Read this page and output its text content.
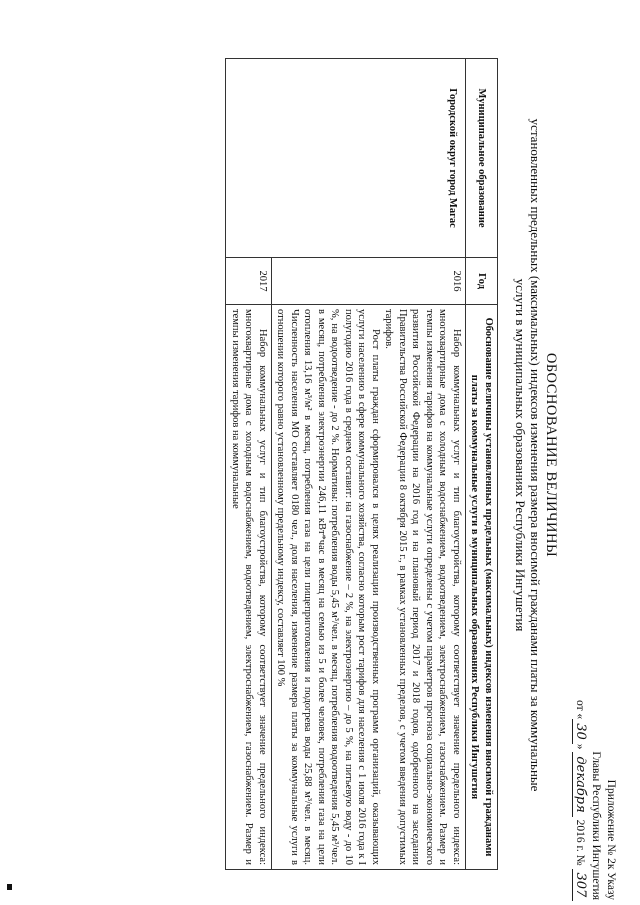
Приложение № 2к Указу
Главы Республики Ингушетия
от «30» декабря 2016 г. № 307
ОБОСНОВАНИЕ ВЕЛИЧИНЫ
установленных предельных (максимальных) индексов изменения размера вносимой гражданами платы за коммунальные
услуги в муниципальных образованиях Республики Ингушетия
Муниципальное образование	Год	Обоснование величины установленных предельных (максимальных) индексов изменения вносимой гражданами платы за коммунальные услуги в муниципальных образованиях Республики Ингушетия
Городской округ город Магас	2016	Набор коммунальных услуг и тип благоустройства, которому соответствует значение предельного индекса: многоквартирные дома с холодным водоснабжением, водоотведением, электроснабжением, газоснабжением. Размер и темпы изменения тарифов на коммунальные услуги определены с учетом параметров прогноза социально-экономического развития Российской Федерации на 2016 год и на плановый период 2017 и 2018 годов, одобренного на заседании Правительства Российской Федерации 8 октября 2015 г., в рамках установленных пределов, с учетом введения допустимых тарифов.

Рост платы граждан сформировался в целях реализации производственных программ организаций, оказывающих услуги населению в сфере коммунального хозяйства, согласно которым рост тарифов для населения с 1 июля 2016 года к I полугодию 2016 года в среднем составит: на газоснабжение – 2 %, на электроэнергию – до 5 %, на питьевую воду - до 10 %, на водоотведение - до 2 %. Нормативы: потребления воды 5,45 м³/чел. в месяц, потребления водоотведения 5,45 м³/чел. в месяц, потребления электроэнергии 246,11 кВт*час в месяц на семью из 5 и более человек, потребления газа на цели отопления 13,16 м³/м² в месяц, потребления газа на цели пищеприготовления и подогрева воды 25,88 м³/чел. в месяц. Численность населения МО составляет 0180 чел., доля населения, изменение размера платы за коммунальные услуги в отношении которого равно установленному предельному индексу, составляет 100 %

	2017	Набор коммунальных услуг и тип благоустройства, которому соответствует значение предельного индекса: многоквартирные дома с холодным водоснабжением, водоотведением, электроснабжением, газоснабжением. Размер и темпы изменения тарифов на коммунальные
